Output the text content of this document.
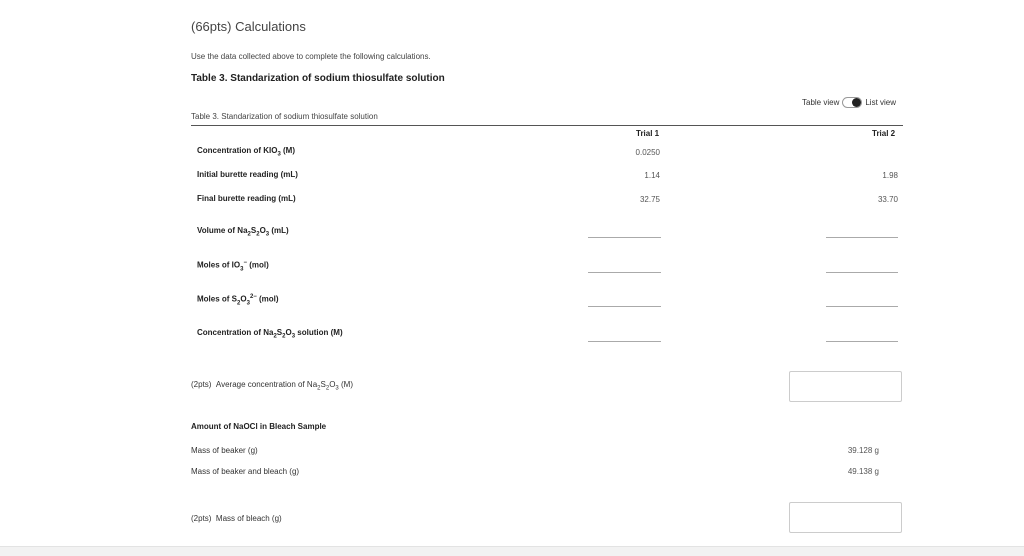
(66pts) Calculations
Use the data collected above to complete the following calculations.
Table 3. Standarization of sodium thiosulfate solution
Table view	List view
Table 3. Standarization of sodium thiosulfate solution
Trial 1	Trial 2
Concentration of $KIO_3$ (M)	0.0250
Initial burette reading (mL)	1.14	1.98
Final burette reading (mL)	32.75	33.70
Volume of $Na_2S_2O_3$ (mL)
Moles of $IO_3^-$ (mol)
Moles of $S_2O_3^{2-}$ (mol)
Concentration of $Na_2S_2O_3$ solution (M)
(2pts) Average concentration of $Na_2S_2O_3$ (M)
Amount of NaOCl in Bleach Sample
Mass of beaker (g)	39.128 g
Mass of beaker and bleach (g)	49.138 g
(2pts) Mass of bleach (g)
